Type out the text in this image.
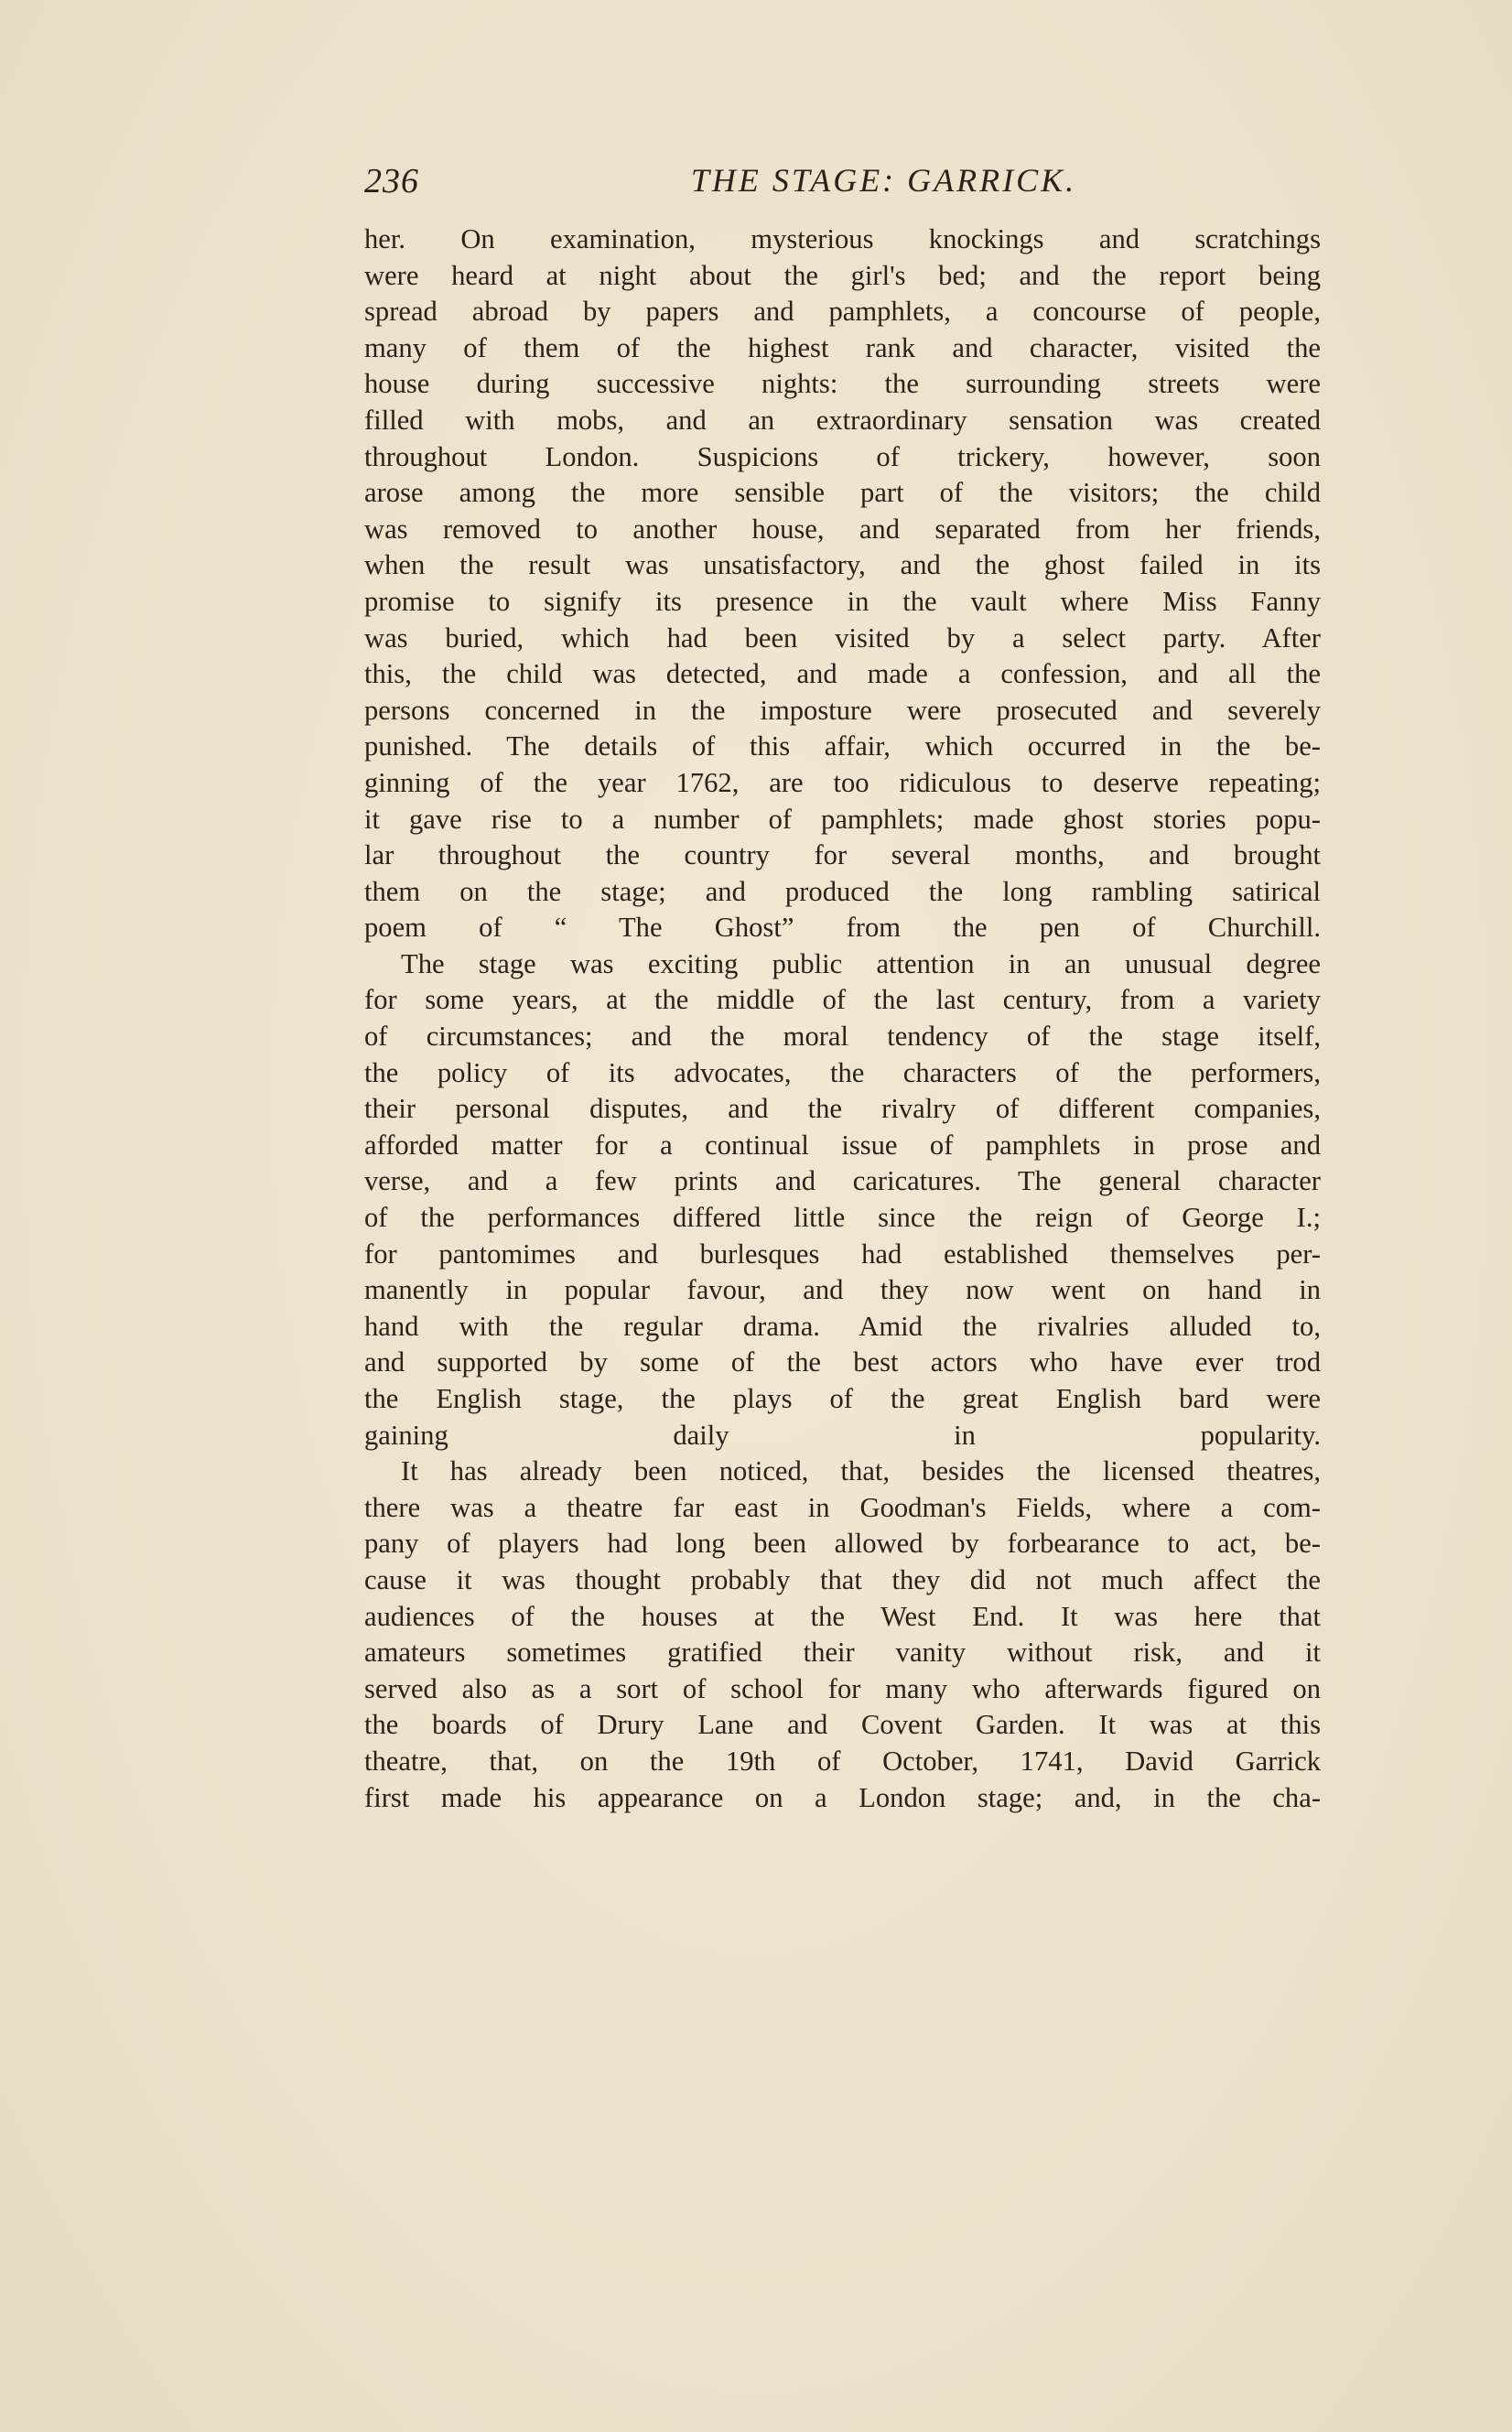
236	THE STAGE: GARRICK.
her. On examination, mysterious knockings and scratchings
were heard at night about the girl's bed; and the report being
spread abroad by papers and pamphlets, a concourse of people,
many of them of the highest rank and character, visited the
house during successive nights: the surrounding streets were
filled with mobs, and an extraordinary sensation was created
throughout London. Suspicions of trickery, however, soon
arose among the more sensible part of the visitors; the child
was removed to another house, and separated from her friends,
when the result was unsatisfactory, and the ghost failed in its
promise to signify its presence in the vault where Miss Fanny
was buried, which had been visited by a select party. After
this, the child was detected, and made a confession, and all the
persons concerned in the imposture were prosecuted and severely
punished. The details of this affair, which occurred in the be-
ginning of the year 1762, are too ridiculous to deserve repeating;
it gave rise to a number of pamphlets; made ghost stories popu-
lar throughout the country for several months, and brought
them on the stage; and produced the long rambling satirical
poem of “ The Ghost” from the pen of Churchill.
The stage was exciting public attention in an unusual degree
for some years, at the middle of the last century, from a variety
of circumstances; and the moral tendency of the stage itself,
the policy of its advocates, the characters of the performers,
their personal disputes, and the rivalry of different companies,
afforded matter for a continual issue of pamphlets in prose and
verse, and a few prints and caricatures. The general character
of the performances differed little since the reign of George I.;
for pantomimes and burlesques had established themselves per-
manently in popular favour, and they now went on hand in
hand with the regular drama. Amid the rivalries alluded to,
and supported by some of the best actors who have ever trod
the English stage, the plays of the great English bard were
gaining daily in popularity.
It has already been noticed, that, besides the licensed theatres,
there was a theatre far east in Goodman's Fields, where a com-
pany of players had long been allowed by forbearance to act, be-
cause it was thought probably that they did not much affect the
audiences of the houses at the West End. It was here that
amateurs sometimes gratified their vanity without risk, and it
served also as a sort of school for many who afterwards figured on
the boards of Drury Lane and Covent Garden. It was at this
theatre, that, on the 19th of October, 1741, David Garrick
first made his appearance on a London stage; and, in the cha-
